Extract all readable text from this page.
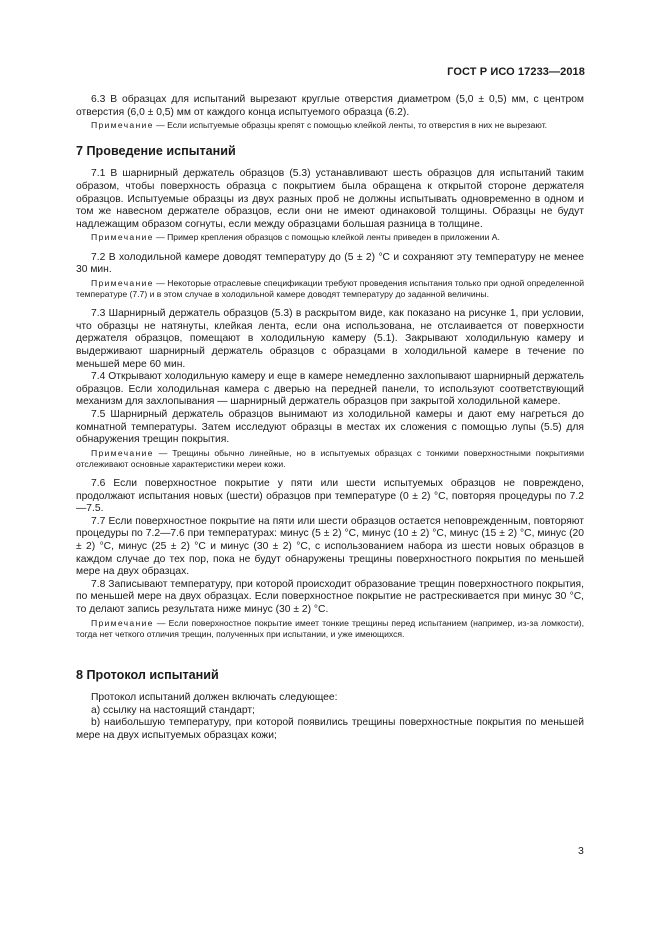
ГОСТ Р ИСО 17233—2018

6.3 В образцах для испытаний вырезают круглые отверстия диаметром (5,0 ± 0,5) мм, с центром отверстия (6,0 ± 0,5) мм от каждого конца испытуемого образца (6.2).

Примечание — Если испытуемые образцы крепят с помощью клейкой ленты, то отверстия в них не вырезают.

7 Проведение испытаний

7.1 В шарнирный держатель образцов (5.3) устанавливают шесть образцов для испытаний таким образом, чтобы поверхность образца с покрытием была обращена к открытой стороне держателя образцов. Испытуемые образцы из двух разных проб не должны испытывать одновременно в одном и том же навесном держателе образцов, если они не имеют одинаковой толщины. Образцы не будут надлежащим образом согнуты, если между образцами большая разница в толщине.

Примечание — Пример крепления образцов с помощью клейкой ленты приведен в приложении А.

7.2 В холодильной камере доводят температуру до (5 ± 2) °С и сохраняют эту температуру не менее 30 мин.

Примечание — Некоторые отраслевые спецификации требуют проведения испытания только при одной определенной температуре (7.7) и в этом случае в холодильной камере доводят температуру до заданной величины.

7.3 Шарнирный держатель образцов (5.3) в раскрытом виде, как показано на рисунке 1, при условии, что образцы не натянуты, клейкая лента, если она использована, не отслаивается от поверхности держателя образцов, помещают в холодильную камеру (5.1). Закрывают холодильную камеру и выдерживают шарнирный держатель образцов с образцами в холодильной камере в течение по меньшей мере 60 мин.

7.4 Открывают холодильную камеру и еще в камере немедленно захлопывают шарнирный держатель образцов. Если холодильная камера с дверью на передней панели, то используют соответствующий механизм для захлопывания — шарнирный держатель образцов при закрытой холодильной камере.

7.5 Шарнирный держатель образцов вынимают из холодильной камеры и дают ему нагреться до комнатной температуры. Затем исследуют образцы в местах их сложения с помощью лупы (5.5) для обнаружения трещин покрытия.

Примечание — Трещины обычно линейные, но в испытуемых образцах с тонкими поверхностными покрытиями отслеживают основные характеристики мереи кожи.

7.6 Если поверхностное покрытие у пяти или шести испытуемых образцов не повреждено, продолжают испытания новых (шести) образцов при температуре (0 ± 2) °С, повторяя процедуры по 7.2—7.5.

7.7 Если поверхностное покрытие на пяти или шести образцов остается неповрежденным, повторяют процедуры по 7.2—7.6 при температурах: минус (5 ± 2) °С, минус (10 ± 2) °С, минус (15 ± 2) °С, минус (20 ± 2) °С, минус (25 ± 2) °С и минус (30 ± 2) °С, с использованием набора из шести новых образцов в каждом случае до тех пор, пока не будут обнаружены трещины поверхностного покрытия по меньшей мере на двух образцах.

7.8 Записывают температуру, при которой происходит образование трещин поверхностного покрытия, по меньшей мере на двух образцах. Если поверхностное покрытие не растрескивается при минус 30 °С, то делают запись результата ниже минус (30 ± 2) °С.

Примечание — Если поверхностное покрытие имеет тонкие трещины перед испытанием (например, из-за ломкости), тогда нет четкого отличия трещин, полученных при испытании, и уже имеющихся.

8 Протокол испытаний

Протокол испытаний должен включать следующее:

а) ссылку на настоящий стандарт;

b) наибольшую температуру, при которой появились трещины поверхностные покрытия по меньшей мере на двух испытуемых образцах кожи;

3
